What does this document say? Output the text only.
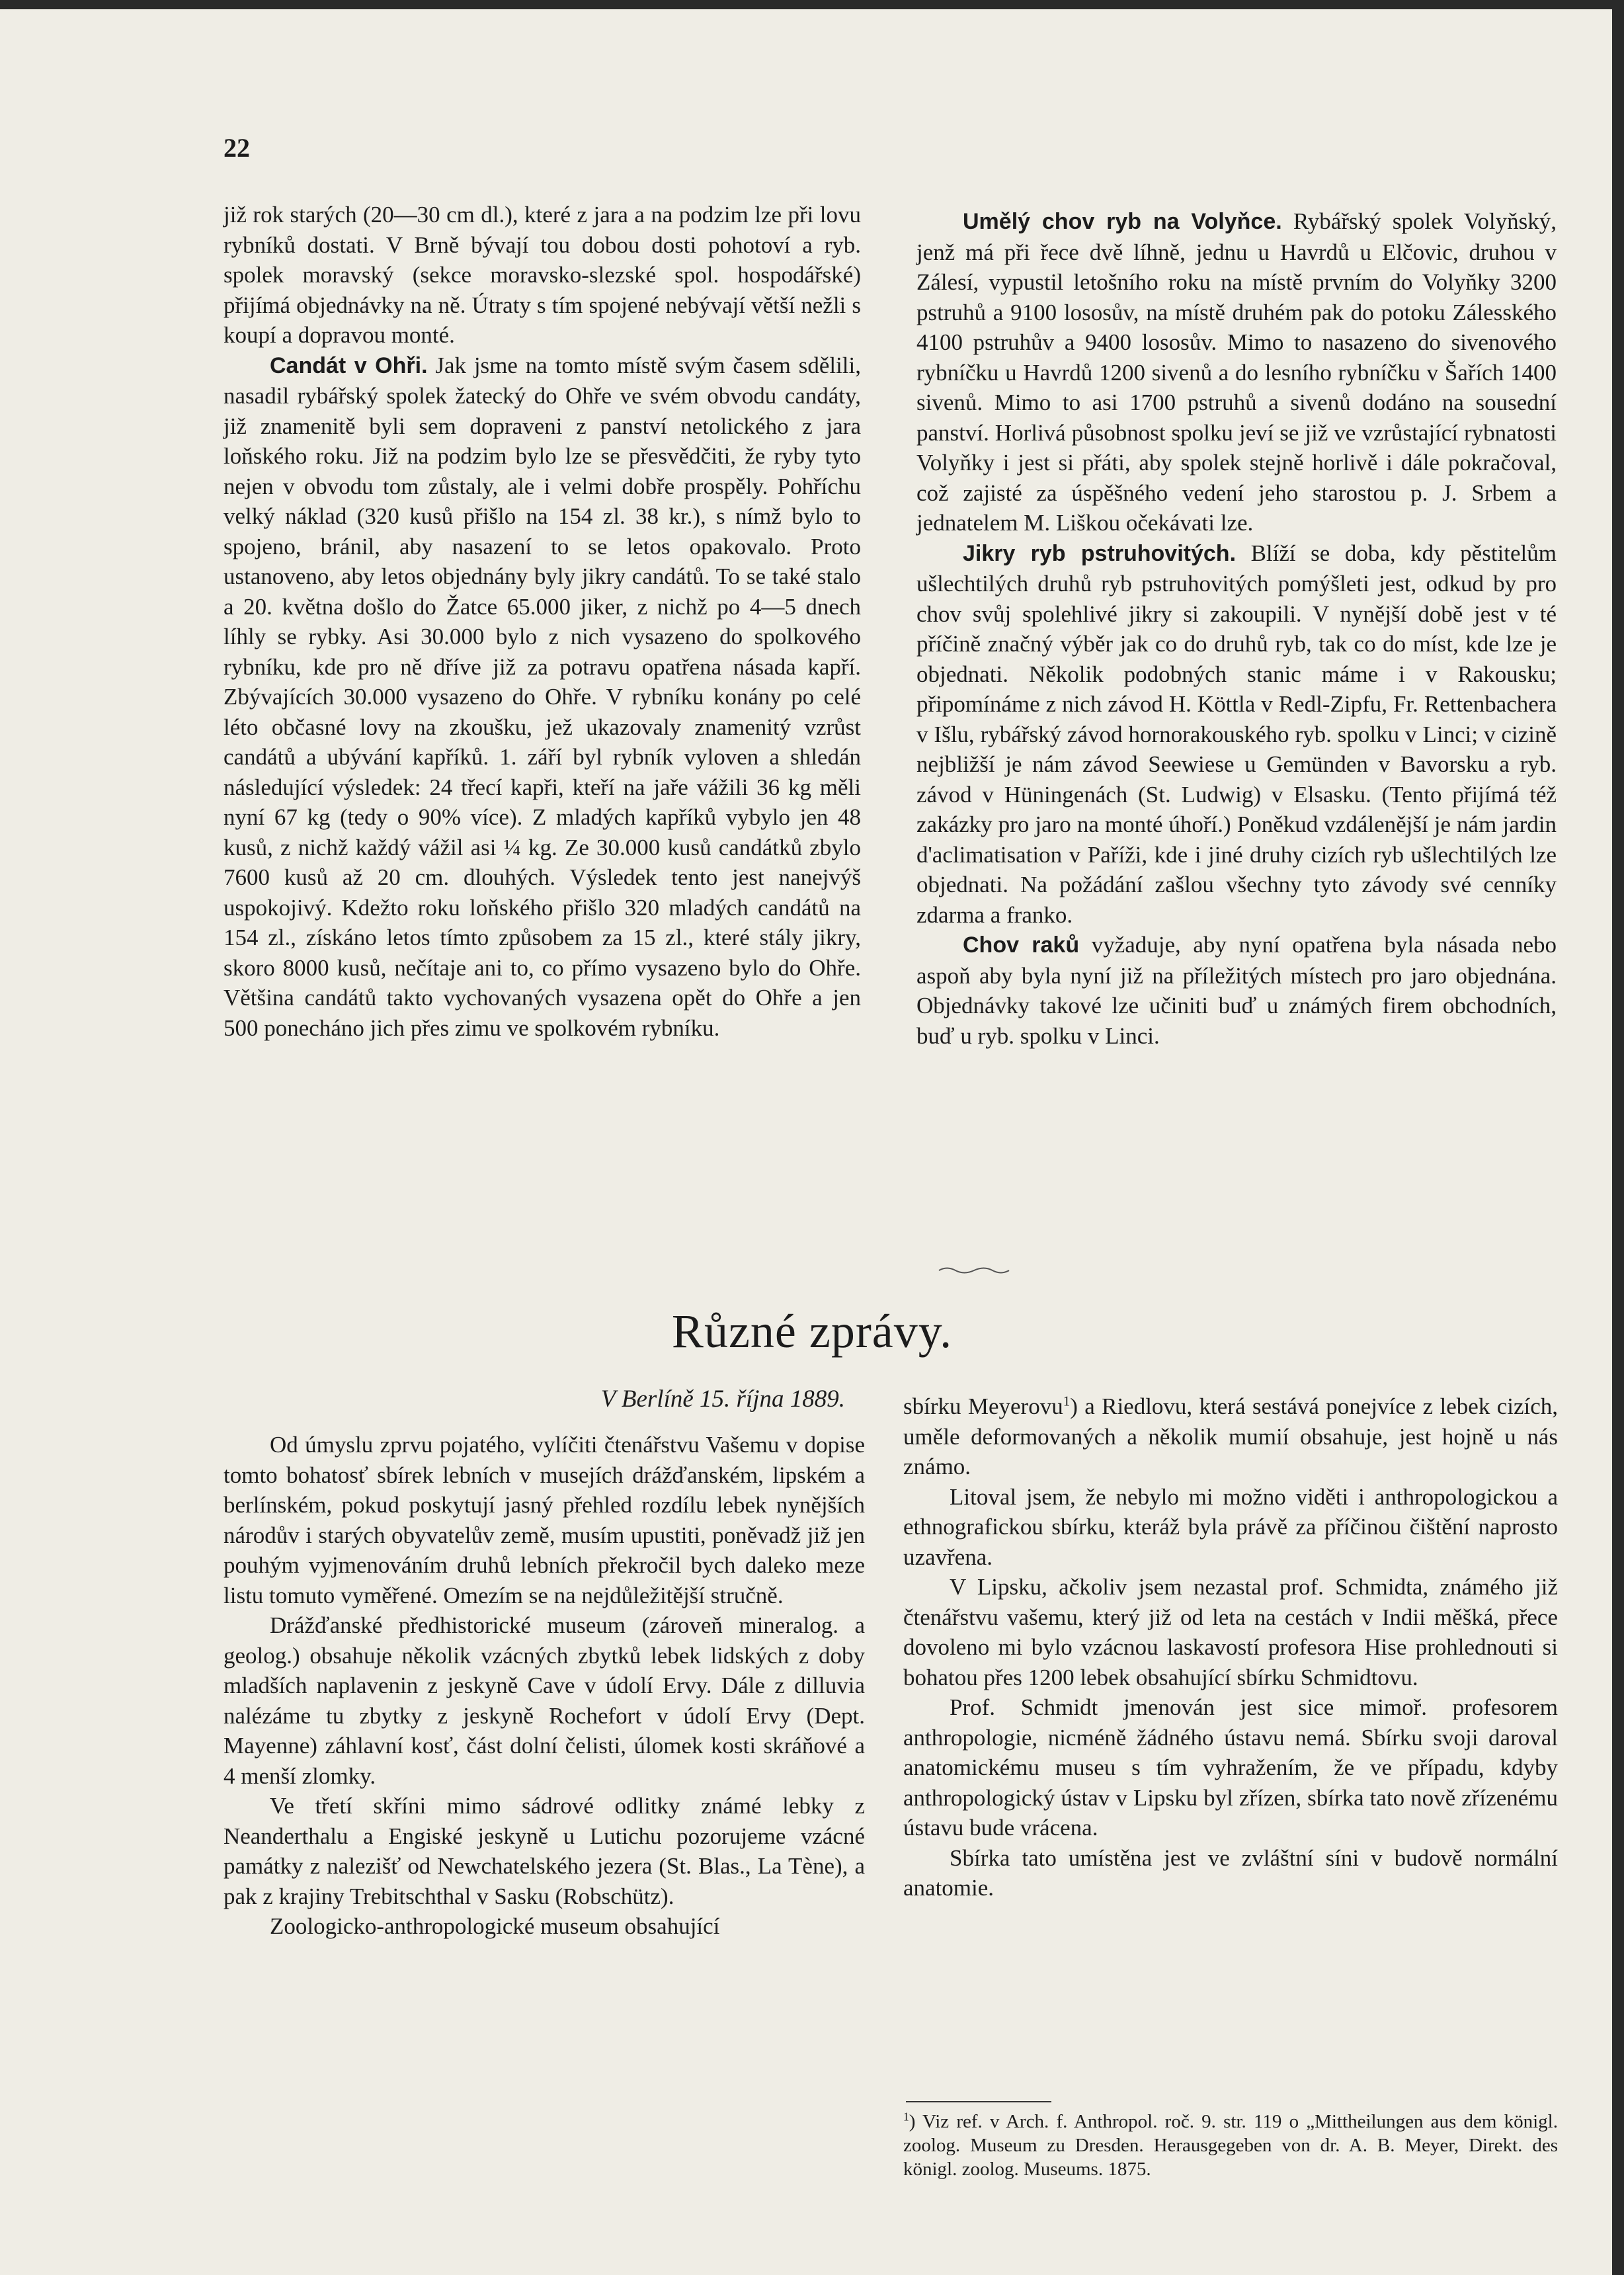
22

již rok starých (20—30 cm dl.), které z jara a na podzim lze při lovu rybníků dostati. V Brně bývají tou dobou dosti pohotoví a ryb. spolek moravský (sekce moravsko-slezské spol. hospodářské) přijímá objednávky na ně. Útraty s tím spojené nebývají větší nežli s koupí a dopravou monté.

Candát v Ohři. Jak jsme na tomto místě svým časem sdělili, nasadil rybářský spolek žatecký do Ohře ve svém obvodu candáty, již znamenitě byli sem dopraveni z panství netolického z jara loňského roku. Již na podzim bylo lze se přesvědčiti, že ryby tyto nejen v obvodu tom zůstaly, ale i velmi dobře prospěly. Pohříchu velký náklad (320 kusů přišlo na 154 zl. 38 kr.), s nímž bylo to spojeno, bránil, aby nasazení to se letos opakovalo. Proto ustanoveno, aby letos objednány byly jikry candátů. To se také stalo a 20. května došlo do Žatce 65.000 jiker, z nichž po 4—5 dnech líhly se rybky. Asi 30.000 bylo z nich vysazeno do spolkového rybníku, kde pro ně dříve již za potravu opatřena násada kapří. Zbývajících 30.000 vysazeno do Ohře. V rybníku konány po celé léto občasné lovy na zkoušku, jež ukazovaly znamenitý vzrůst candátů a ubývání kapříků. 1. září byl rybník vyloven a shledán následující výsledek: 24 třecí kapři, kteří na jaře vážili 36 kg měli nyní 67 kg (tedy o 90% více). Z mladých kapříků vybylo jen 48 kusů, z nichž každý vážil asi ¼ kg. Ze 30.000 kusů candátků zbylo 7600 kusů až 20 cm. dlouhých. Výsledek tento jest nanejvýš uspokojivý. Kdežto roku loňského přišlo 320 mladých candátů na 154 zl., získáno letos tímto způsobem za 15 zl., které stály jikry, skoro 8000 kusů, nečítaje ani to, co přímo vysazeno bylo do Ohře. Většina candátů takto vychovaných vysazena opět do Ohře a jen 500 ponecháno jich přes zimu ve spolkovém rybníku.

Umělý chov ryb na Volyňce. Rybářský spolek Volyňský, jenž má při řece dvě líhně, jednu u Havrdů u Elčovic, druhou v Zálesí, vypustil letošního roku na místě prvním do Volyňky 3200 pstruhů a 9100 lososův, na místě druhém pak do potoku Zálesského 4100 pstruhův a 9400 lososův. Mimo to nasazeno do sivenového rybníčku u Havrdů 1200 sivenů a do lesního rybníčku v Šařích 1400 sivenů. Mimo to asi 1700 pstruhů a sivenů dodáno na sousední panství. Horlivá působnost spolku jeví se již ve vzrůstající rybnatosti Volyňky i jest si přáti, aby spolek stejně horlivě i dále pokračoval, což zajisté za úspěšného vedení jeho starostou p. J. Srbem a jednatelem M. Liškou očekávati lze.

Jikry ryb pstruhovitých. Blíží se doba, kdy pěstitelům ušlechtilých druhů ryb pstruhovitých pomýšleti jest, odkud by pro chov svůj spolehlivé jikry si zakoupili. V nynější době jest v té příčině značný výběr jak co do druhů ryb, tak co do míst, kde lze je objednati. Několik podobných stanic máme i v Rakousku; připomínáme z nich závod H. Köttla v Redl-Zipfu, Fr. Rettenbachera v Išlu, rybářský závod hornorakouského ryb. spolku v Linci; v cizině nejbližší je nám závod Seewiese u Gemünden v Bavorsku a ryb. závod v Hüningenách (St. Ludwig) v Elsasku. (Tento přijímá též zakázky pro jaro na monté úhoří.) Poněkud vzdálenější je nám jardin d'aclimatisation v Paříži, kde i jiné druhy cizích ryb ušlechtilých lze objednati. Na požádání zašlou všechny tyto závody své cenníky zdarma a franko.

Chov raků vyžaduje, aby nyní opatřena byla násada nebo aspoň aby byla nyní již na příležitých místech pro jaro objednána. Objednávky takové lze učiniti buď u známých firem obchodních, buď u ryb. spolku v Linci.

Různé zprávy.
V Berlíně 15. října 1889.

Od úmyslu zprvu pojatého, vylíčiti čtenářstvu Vašemu v dopise tomto bohatosť sbírek lebních v musejích drážďanském, lipském a berlínském, pokud poskytují jasný přehled rozdílu lebek nynějších národův i starých obyvatelův země, musím upustiti, poněvadž již jen pouhým vyjmenováním druhů lebních překročil bych daleko meze listu tomuto vyměřené. Omezím se na nejdůležitější stručně.

Drážďanské předhistorické museum (zároveň mineralog. a geolog.) obsahuje několik vzácných zbytků lebek lidských z doby mladších naplavenin z jeskyně Cave v údolí Ervy. Dále z dilluvia nalézáme tu zbytky z jeskyně Rochefort v údolí Ervy (Dept. Mayenne) záhlavní kosť, část dolní čelisti, úlomek kosti skráňové a 4 menší zlomky.

Ve třetí skříni mimo sádrové odlitky známé lebky z Neanderthalu a Engiské jeskyně u Lutichu pozorujeme vzácné památky z nalezišť od Newchatelského jezera (St. Blas., La Tène), a pak z krajiny Trebitschthal v Sasku (Robschütz).

Zoologicko-anthropologické museum obsahující

sbírku Meyerovu$^1$) a Riedlovu, která sestává ponejvíce z lebek cizích, uměle deformovaných a několik mumií obsahuje, jest hojně u nás známo.

Litoval jsem, že nebylo mi možno viděti i anthropologickou a ethnografickou sbírku, kteráž byla právě za příčinou čištění naprosto uzavřena.

V Lipsku, ačkoliv jsem nezastal prof. Schmidta, známého již čtenářstvu vašemu, který již od leta na cestách v Indii měšká, přece dovoleno mi bylo vzácnou laskavostí profesora Hise prohlednouti si bohatou přes 1200 lebek obsahující sbírku Schmidtovu.

Prof. Schmidt jmenován jest sice mimoř. profesorem anthropologie, nicméně žádného ústavu nemá. Sbírku svoji daroval anatomickému museu s tím vyhražením, že ve případu, kdyby anthropologický ústav v Lipsku byl zřízen, sbírka tato nově zřízenému ústavu bude vrácena.

Sbírka tato umístěna jest ve zvláštní síni v budově normální anatomie.

$^1$) Viz ref. v Arch. f. Anthropol. roč. 9. str. 119 o „Mittheilungen aus dem königl. zoolog. Museum zu Dresden. Herausgegeben von dr. A. B. Meyer, Direkt. des königl. zoolog. Museums. 1875.
